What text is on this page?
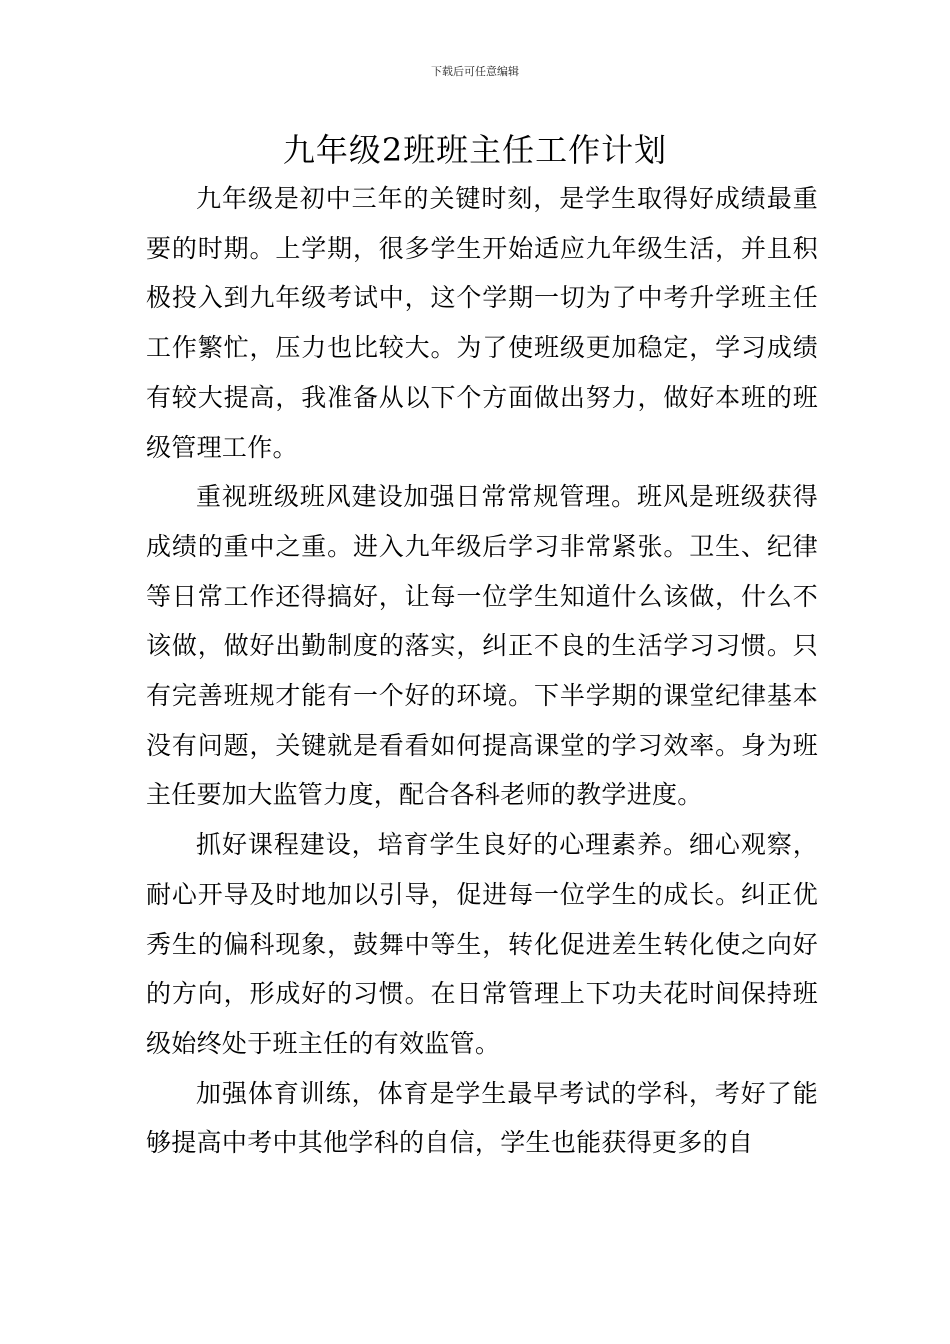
下载后可任意编辑
九年级2班班主任工作计划

九年级是初中三年的关键时刻，是学生取得好成绩最重要的时期。上学期，很多学生开始适应九年级生活，并且积极投入到九年级考试中，这个学期一切为了中考升学班主任工作繁忙，压力也比较大。为了使班级更加稳定，学习成绩有较大提高，我准备从以下个方面做出努力，做好本班的班级管理工作。

重视班级班风建设加强日常常规管理。班风是班级获得成绩的重中之重。进入九年级后学习非常紧张。卫生、纪律等日常工作还得搞好，让每一位学生知道什么该做，什么不该做，做好出勤制度的落实，纠正不良的生活学习习惯。只有完善班规才能有一个好的环境。下半学期的课堂纪律基本没有问题，关键就是看看如何提高课堂的学习效率。身为班主任要加大监管力度，配合各科老师的教学进度。

抓好课程建设，培育学生良好的心理素养。细心观察，耐心开导及时地加以引导，促进每一位学生的成长。纠正优秀生的偏科现象，鼓舞中等生，转化促进差生转化使之向好的方向，形成好的习惯。在日常管理上下功夫花时间保持班级始终处于班主任的有效监管。

加强体育训练，体育是学生最早考试的学科，考好了能够提高中考中其他学科的自信，学生也能获得更多的自
